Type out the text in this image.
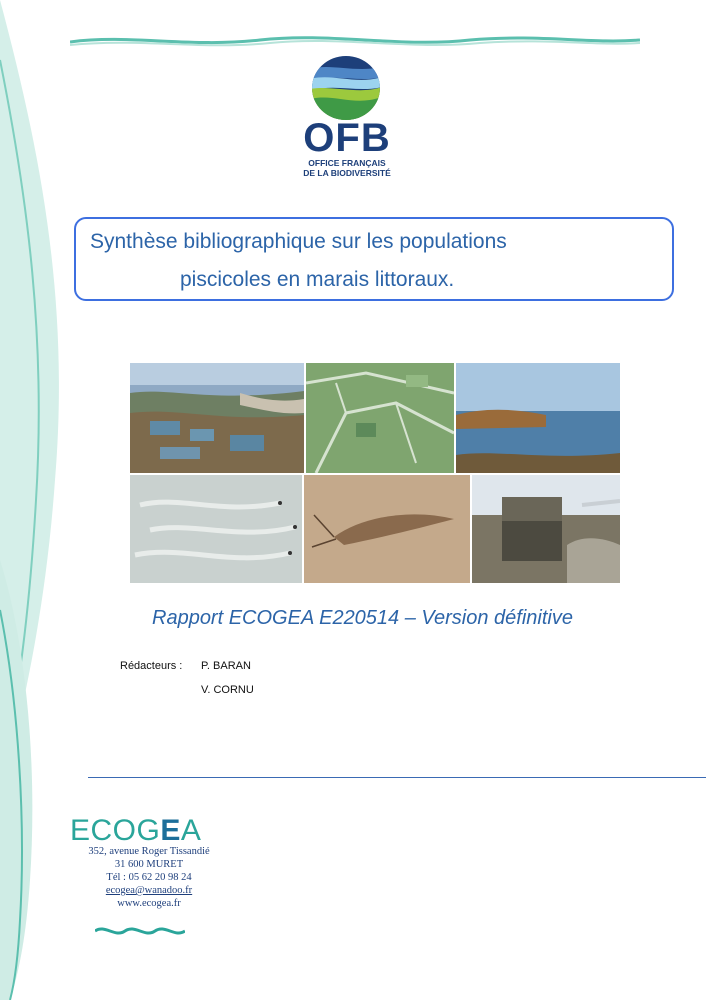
OFB
OFFICE FRANÇAIS
DE LA BIODIVERSITÉ
Synthèse bibliographique sur les populations
piscicoles en marais littoraux.
Rapport ECOGEA E220514 – Version définitive
Rédacteurs : P. BARAN
V. CORNU
ECOGEA
352, avenue Roger Tissandié
31 600 MURET
Tél : 05 62 20 98 24
ecogea@wanadoo.fr
www.ecogea.fr
